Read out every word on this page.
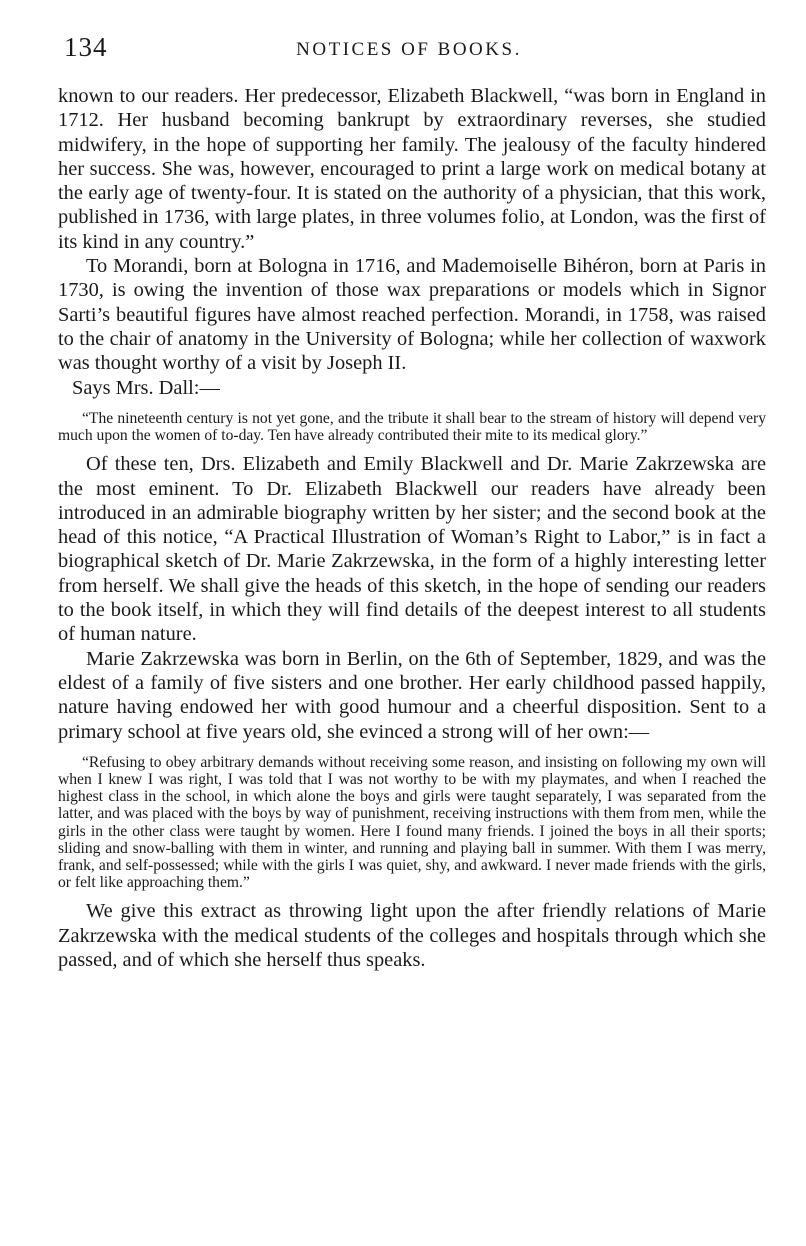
134	NOTICES OF BOOKS.

known to our readers. Her predecessor, Elizabeth Blackwell, “was born in England in 1712. Her husband becoming bankrupt by extraordinary reverses, she studied midwifery, in the hope of supporting her family. The jealousy of the faculty hindered her success. She was, however, encouraged to print a large work on medical botany at the early age of twenty-four. It is stated on the authority of a physician, that this work, published in 1736, with large plates, in three volumes folio, at London, was the first of its kind in any country.”

To Morandi, born at Bologna in 1716, and Mademoiselle Bihéron, born at Paris in 1730, is owing the invention of those wax preparations or models which in Signor Sarti’s beautiful figures have almost reached perfection. Morandi, in 1758, was raised to the chair of anatomy in the University of Bologna; while her collection of waxwork was thought worthy of a visit by Joseph II.

Says Mrs. Dall:—

“The nineteenth century is not yet gone, and the tribute it shall bear to the stream of history will depend very much upon the women of to-day. Ten have already contributed their mite to its medical glory.”

Of these ten, Drs. Elizabeth and Emily Blackwell and Dr. Marie Zakrzewska are the most eminent. To Dr. Elizabeth Blackwell our readers have already been introduced in an admirable biography written by her sister; and the second book at the head of this notice, “A Practical Illustration of Woman’s Right to Labor,” is in fact a biographical sketch of Dr. Marie Zakrzewska, in the form of a highly interesting letter from herself. We shall give the heads of this sketch, in the hope of sending our readers to the book itself, in which they will find details of the deepest interest to all students of human nature.

Marie Zakrzewska was born in Berlin, on the 6th of September, 1829, and was the eldest of a family of five sisters and one brother. Her early childhood passed happily, nature having endowed her with good humour and a cheerful disposition. Sent to a primary school at five years old, she evinced a strong will of her own:—

“Refusing to obey arbitrary demands without receiving some reason, and insisting on following my own will when I knew I was right, I was told that I was not worthy to be with my playmates, and when I reached the highest class in the school, in which alone the boys and girls were taught separately, I was separated from the latter, and was placed with the boys by way of punishment, receiving instructions with them from men, while the girls in the other class were taught by women. Here I found many friends. I joined the boys in all their sports; sliding and snow-balling with them in winter, and running and playing ball in summer. With them I was merry, frank, and self-possessed; while with the girls I was quiet, shy, and awkward. I never made friends with the girls, or felt like approaching them.”

We give this extract as throwing light upon the after friendly relations of Marie Zakrzewska with the medical students of the colleges and hospitals through which she passed, and of which she herself thus speaks.
